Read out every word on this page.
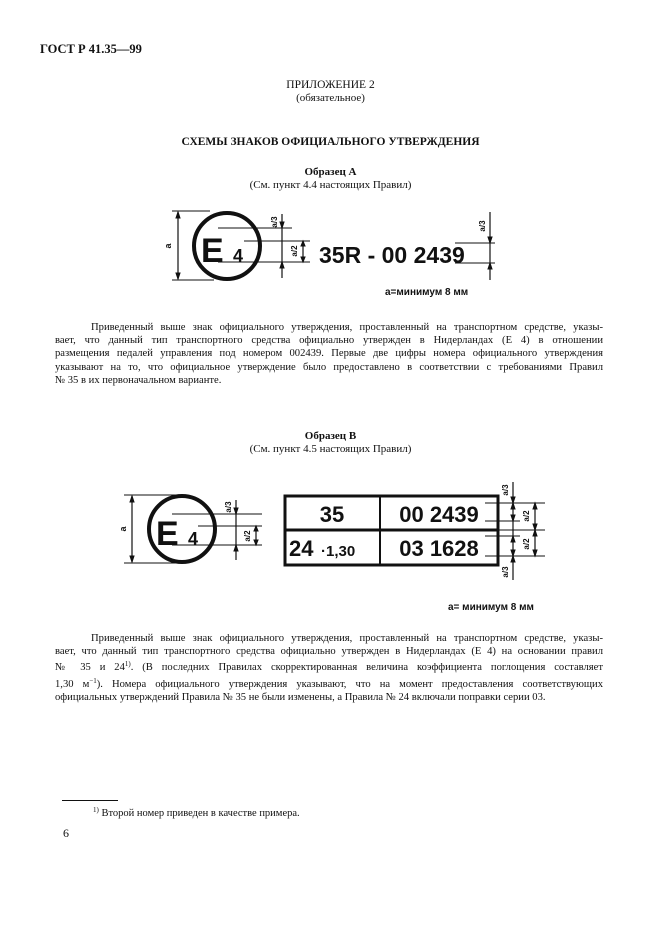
ГОСТ Р 41.35—99
ПРИЛОЖЕНИЕ 2
(обязательное)
СХЕМЫ ЗНАКОВ ОФИЦИАЛЬНОГО УТВЕРЖДЕНИЯ
Образец А
(См. пункт 4.4 настоящих Правил)
a E 4
a/3
a/2 35R - 00 2439
a/3
a=минимум 8 мм
Приведенный выше знак официального утверждения, проставленный на транспортном средстве, указы-
вает, что данный тип транспортного средства официально утвержден в Нидерландах (E 4) в отношении
размещения педалей управления под номером 002439. Первые две цифры номера официального утверждения
указывают на то, что официальное утверждение было предоставлено в соответствии с требованиями Правил
№ 35 в их первоначальном варианте.
Образец В
(См. пункт 4.5 настоящих Правил)
a E 4
a/3
a/2
35 00 2439
24 ·1,30 03 1628
a/3
a/2
a/2
a/3
a= минимум 8 мм
Приведенный выше знак официального утверждения, проставленный на транспортном средстве, указы-
вает, что данный тип транспортного средства официально утвержден в Нидерландах (E 4) на основании правил
№ 35 и 24$^{1)}$. (В последних Правилах скорректированная величина коэффициента поглощения составляет
1,30 $м^{-1}$). Номера официального утверждения указывают, что на момент предоставления соответствующих
официальных утверждений Правила № 35 не были изменены, а Правила № 24 включали поправки серии 03.
$^{1)}$ Второй номер приведен в качестве примера.
6
